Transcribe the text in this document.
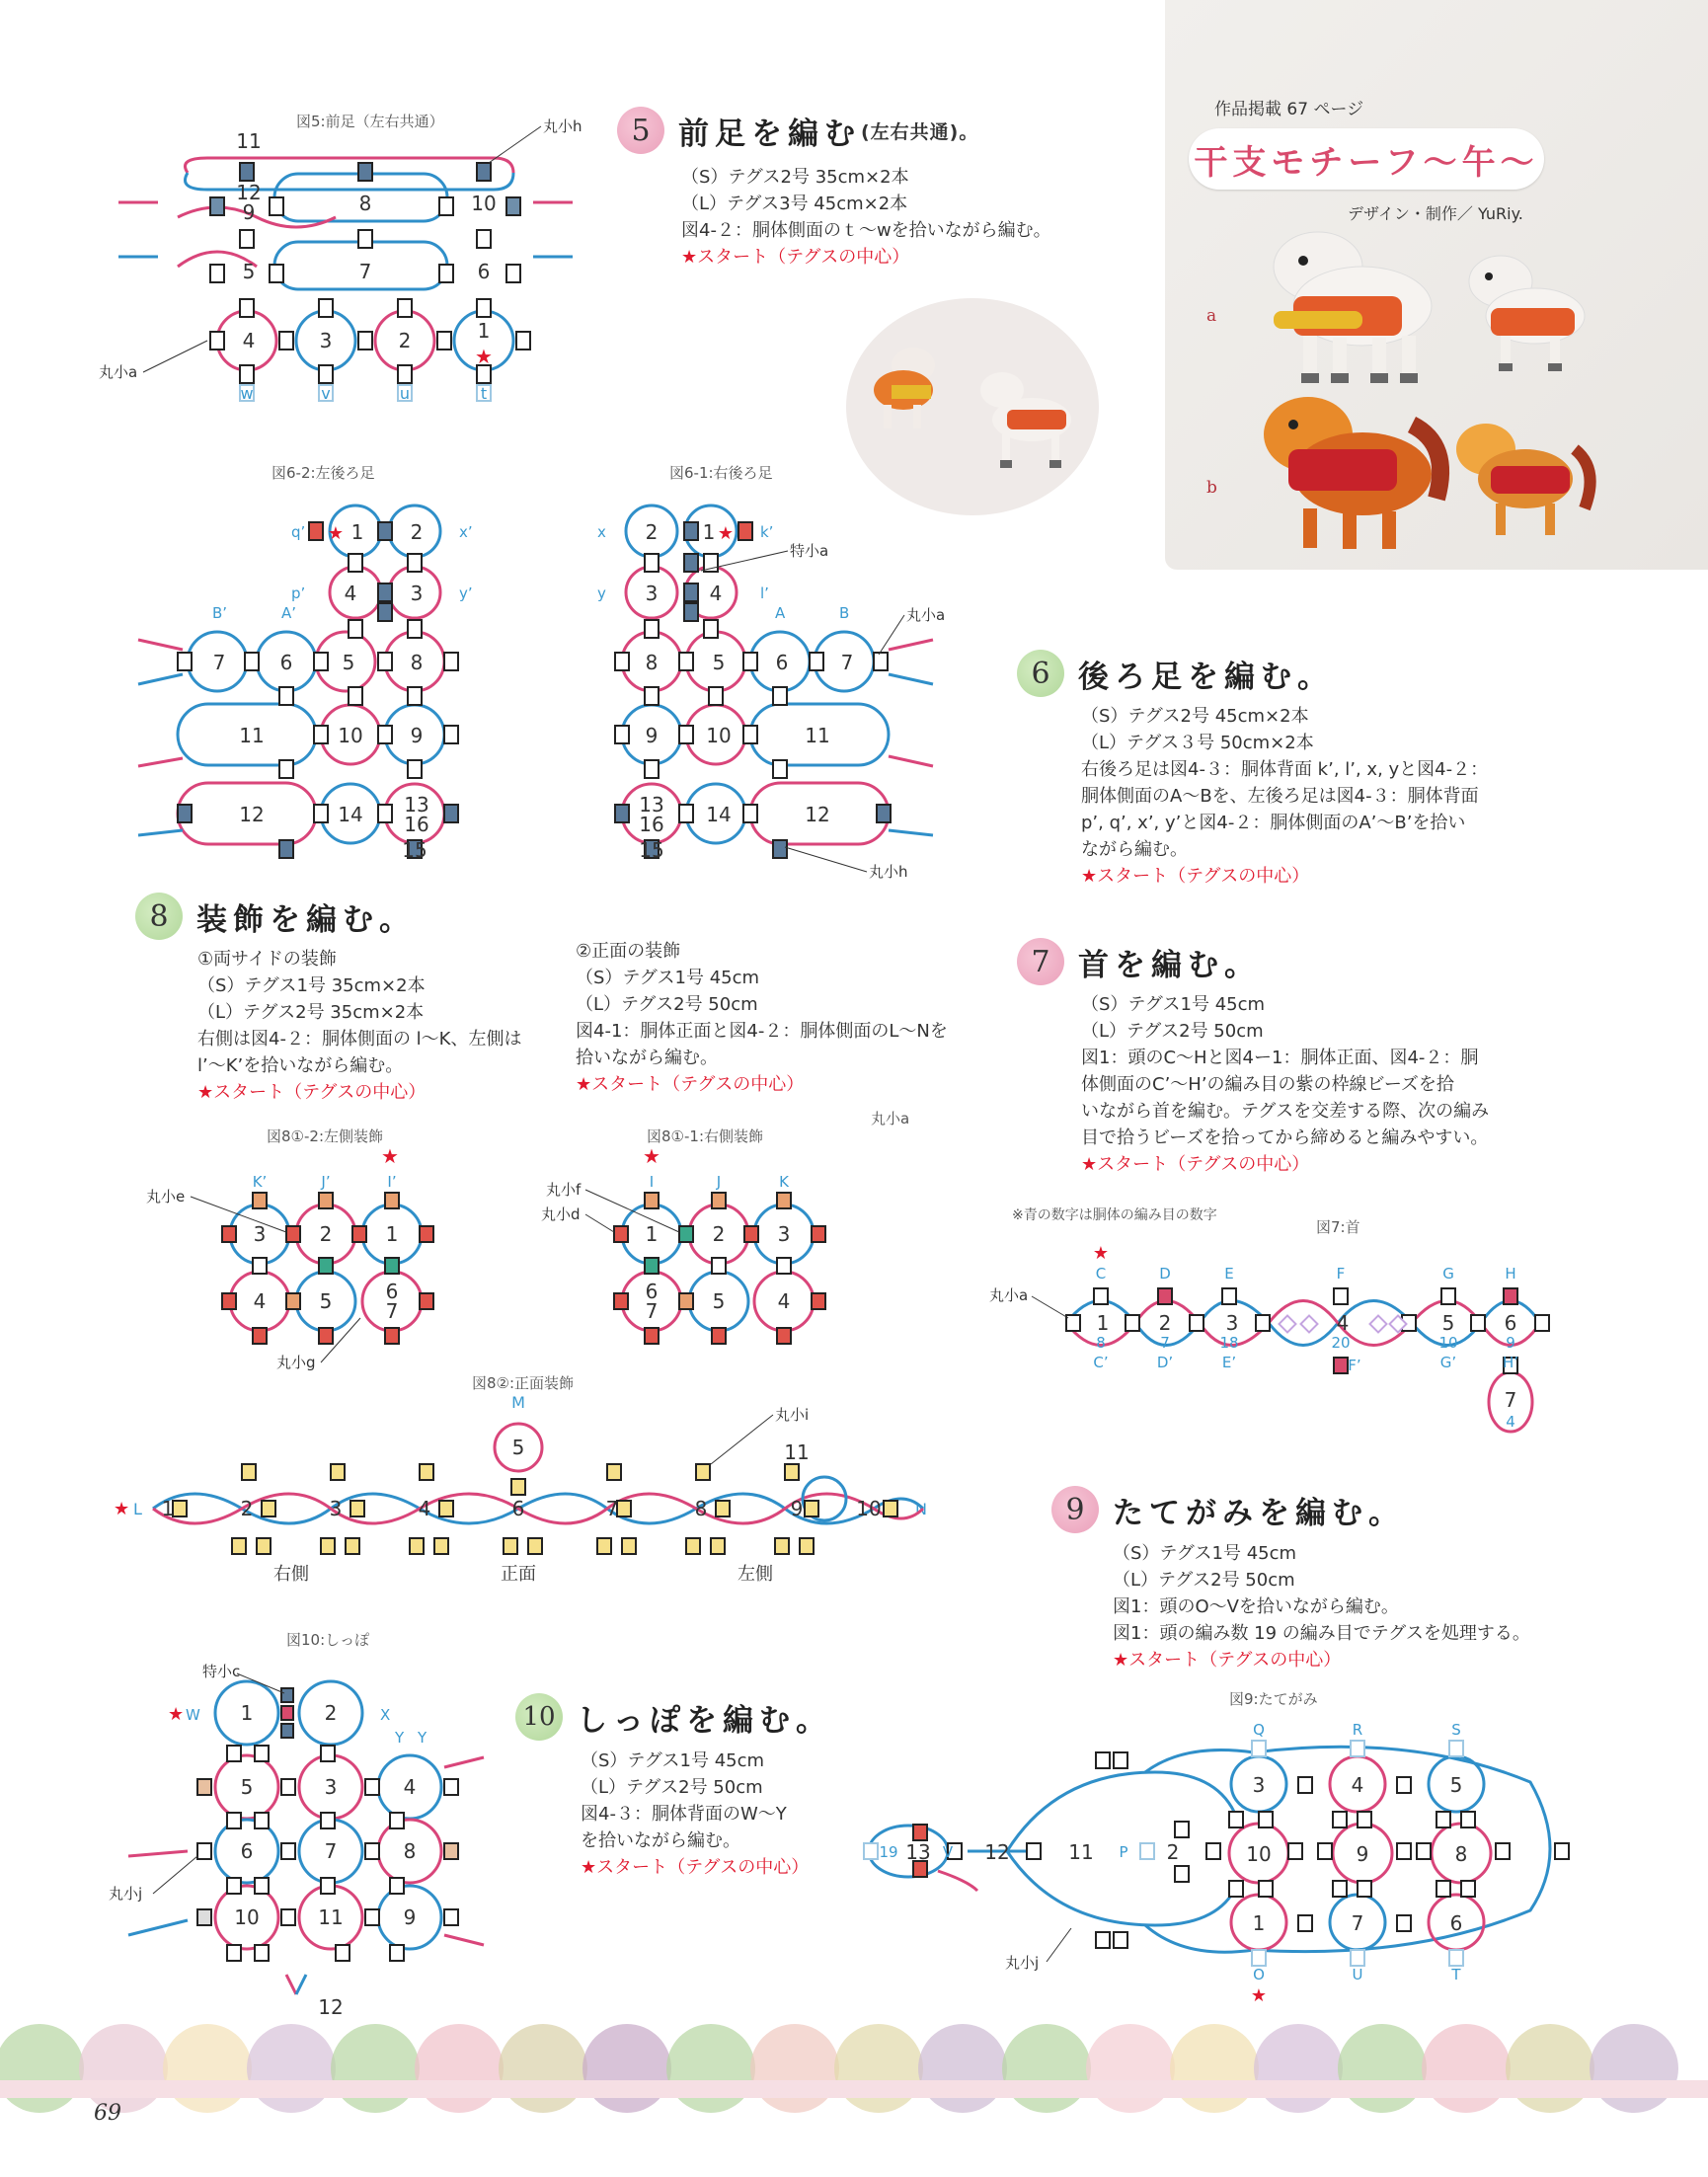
作品掲載 67 ページ
干支モチーフ〜午〜
デザイン・制作／ YuRiy.
a
b
5 前足を編む (左右共通)。
（S）テグス2号 35cm×2本
（L）テグス3号 45cm×2本
図4-２：胴体側面のｔ〜wを拾いながら編む。
★スタート（テグスの中心）
6 後ろ足を編む。
（S）テグス2号 45cm×2本
（L）テグス３号 50cm×2本
右後ろ足は図4-３：胴体背面 k’, l’, x, yと図4-２：
胴体側面のA〜Bを、左後ろ足は図4-３：胴体背面
p’, q’, x’, y’と図4-２：胴体側面のA’〜B’を拾い
ながら編む。
★スタート（テグスの中心）
7 首を編む。
（S）テグス1号 45cm
（L）テグス2号 50cm
図1：頭のC〜Hと図4ー1：胴体正面、図4-２：胴
体側面のC’〜H’の編み目の紫の枠線ビーズを拾
いながら首を編む。テグスを交差する際、次の編み
目で拾うビーズを拾ってから締めると編みやすい。
★スタート（テグスの中心）
8 装飾を編む。
①両サイドの装飾
（S）テグス1号 35cm×2本
（L）テグス2号 35cm×2本
右側は図4-２：胴体側面の l〜K、左側は
l’〜K’を拾いながら編む。
★スタート（テグスの中心）
②正面の装飾
（S）テグス1号 45cm
（L）テグス2号 50cm
図4-1：胴体正面と図4-２：胴体側面のL〜Nを
拾いながら編む。
★スタート（テグスの中心）
9 たてがみを編む。
（S）テグス1号 45cm
（L）テグス2号 50cm
図1：頭のO〜Vを拾いながら編む。
図1：頭の編み数 19 の編み目でテグスを処理する。
★スタート（テグスの中心）
10 しっぽを編む。
（S）テグス1号 45cm
（L）テグス2号 50cm
図4-３：胴体背面のW〜Y
を拾いながら編む。
★スタート（テグスの中心）
図5:前足（左右共通）
11
12
9	8	10
5	7	6
4	3	2	1
★
w	v	u	t
丸小h
丸小a
図6-2:左後ろ足
1 2
4	3
7	6	5	8
11	10 9
12	14 13
16
15
★
q’	x’
p’	y’
B’	A’
図6-1:右後ろ足
2 1
3	4
8	5	6	7
9 10	11
13
16 14	12
15
★
x	k’
y	l’
A	B
特小a
丸小a
丸小h
図8①-2:左側装飾
★
K’	J’	I’
3	2	1
4	5	6
7
丸小e
丸小g
図8①-1:右側装飾
丸小a
★
I	J	K
1	2	3
6
7	5	4
丸小f
丸小d
図8②:正面装飾
★ L
M
N
1	2	3	4
5
6	7	8	9	10
11
右側	正面	左側
丸小i
※青の数字は胴体の編み目の数字
図7:首
★
C	D	E	F	G	H
1	2	3	4	5	6
7
8	7	18	20	10	9
4
C’	D’	E’	F’	G’	H’
丸小a
図10:しっぽ
1	2
5	3	4
6	7	8
10	11	9
12
★ W	X
Y Y
特小c
丸小j
図9:たてがみ
13	12	11	2
3	4	5
10	9	8
1	7	6
19	V	P
Q	R	S
O	U	T
★
丸小j
69
